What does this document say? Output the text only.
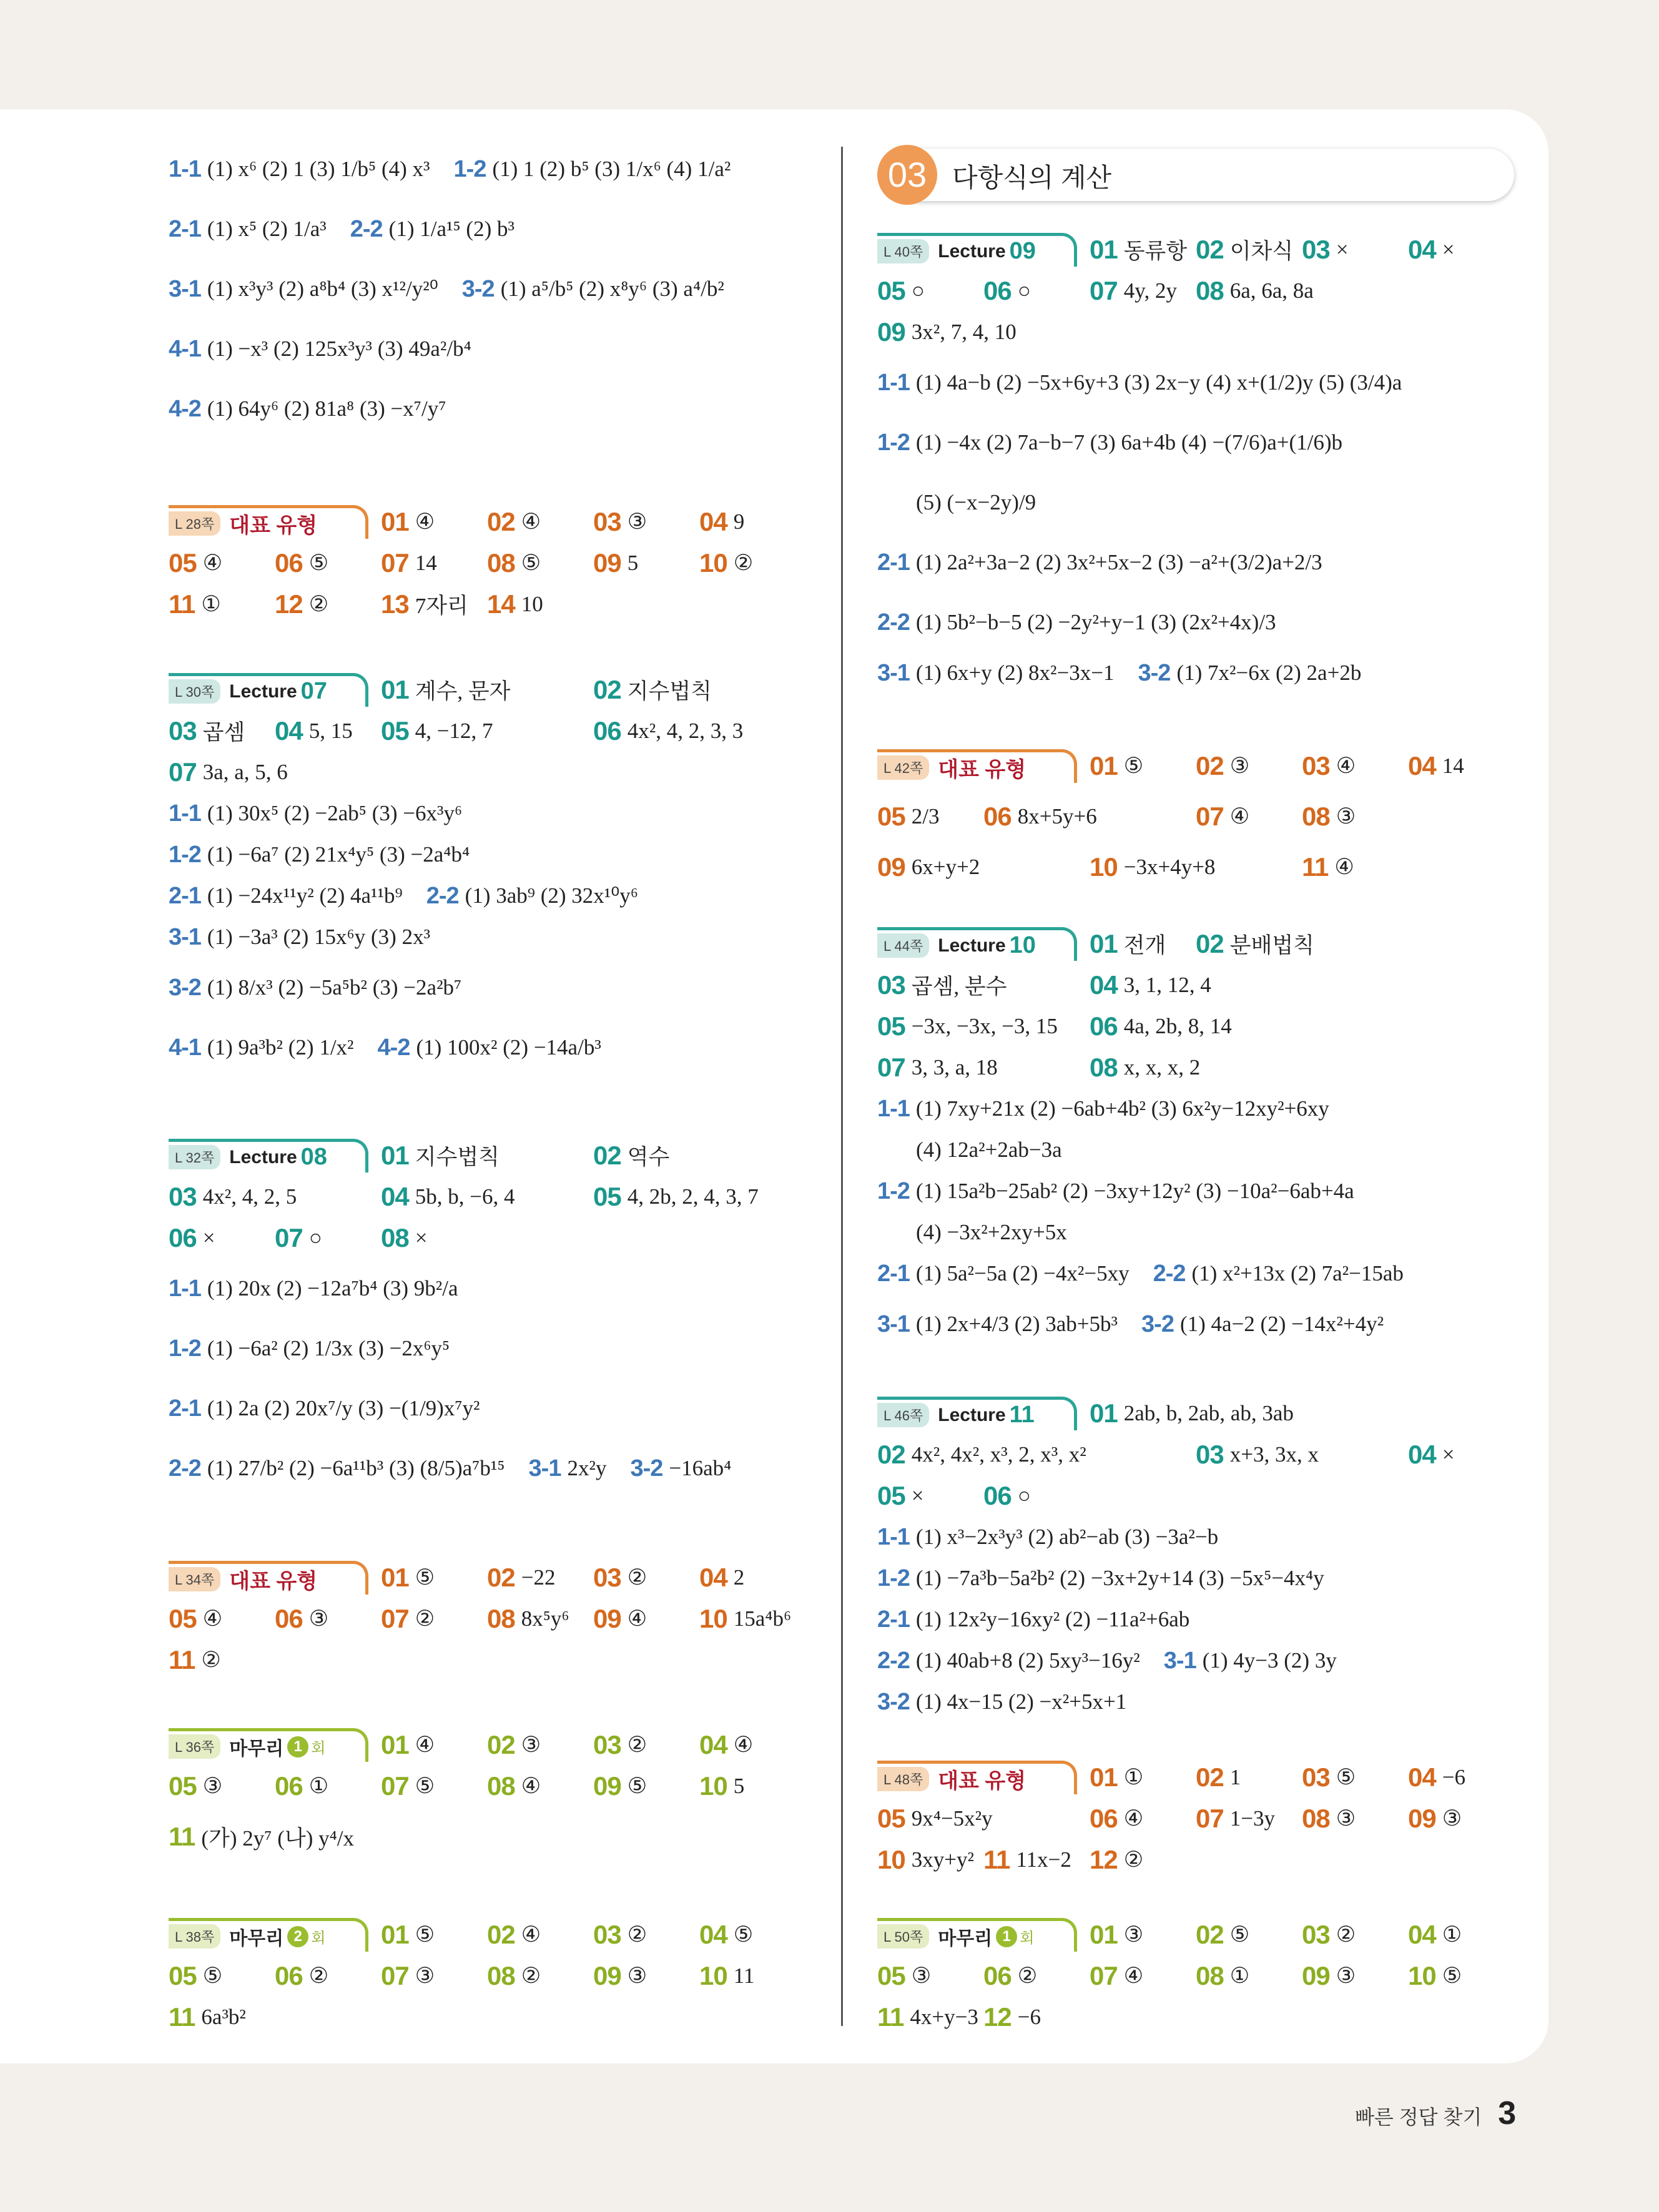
03 다항식의 계산
1-1 (1) x⁶ (2) 1 (3) 1/b⁵ (4) x³ 1-2 (1) 1 (2) b⁵ (3) 1/x⁶ (4) 1/a²
2-1 (1) x⁵ (2) 1/a³ 2-2 (1) 1/a¹⁵ (2) b³
3-1 (1) x³y³ (2) a⁸b⁴ (3) x¹²/y²⁰ 3-2 (1) a⁵/b⁵ (2) x⁸y⁶ (3) a⁴/b²
4-1 (1) −x³ (2) 125x³y³ (3) 49a²/b⁴
4-2 (1) 64y⁶ (2) 81a⁸ (3) −x⁷/y⁷
L 28쪽 대표 유형 01 ④ 02 ④ 03 ③ 04 9
05 ④ 06 ⑤ 07 14 08 ⑤ 09 5 10 ②
11 ① 12 ② 13 7자리 14 10
L 30쪽 Lecture 07 01 계수, 문자	02 지수법칙
03 곱셈 04 5, 15 05 4, −12, 7	06 4x², 4, 2, 3, 3
07 3a, a, 5, 6
1-1 (1) 30x⁵ (2) −2ab⁵ (3) −6x³y⁶
1-2 (1) −6a⁷ (2) 21x⁴y⁵ (3) −2a⁴b⁴
2-1 (1) −24x¹¹y² (2) 4a¹¹b⁹ 2-2 (1) 3ab⁹ (2) 32x¹⁰y⁶
3-1 (1) −3a³ (2) 15x⁶y (3) 2x³
3-2 (1) 8/x³ (2) −5a⁵b² (3) −2a²b⁷
4-1 (1) 9a³b² (2) 1/x² 4-2 (1) 100x² (2) −14a/b³
L 32쪽 Lecture 08 01 지수법칙	02 역수
03 4x², 4, 2, 5	04 5b, b, −6, 4	05 4, 2b, 2, 4, 3, 7
06 × 07 ○ 08 ×
1-1 (1) 20x (2) −12a⁷b⁴ (3) 9b²/a
1-2 (1) −6a² (2) 1/3x (3) −2x⁶y⁵
2-1 (1) 2a (2) 20x⁷/y (3) −(1/9)x⁷y²
2-2 (1) 27/b² (2) −6a¹¹b³ (3) (8/5)a⁷b¹⁵ 3-1 2x²y 3-2 −16ab⁴
L 34쪽 대표 유형 01 ⑤ 02 −22 03 ② 04 2
05 ④ 06 ③ 07 ② 08 8x⁵y⁶ 09 ④ 10 15a⁴b⁶
11 ②
L 36쪽 마무리 1 회 01 ④ 02 ③ 03 ② 04 ④
05 ③ 06 ① 07 ⑤ 08 ④ 09 ⑤ 10 5
11 (가) 2y⁷ (나) y⁴/x
L 38쪽 마무리 2 회 01 ⑤ 02 ④ 03 ② 04 ⑤
05 ⑤ 06 ② 07 ③ 08 ② 09 ③ 10 11
11 6a³b²
L 40쪽 Lecture 09 01 동류항 02 이차식 03 × 04 ×
05 ○ 06 ○ 07 4y, 2y 08 6a, 6a, 8a
09 3x², 7, 4, 10
1-1 (1) 4a−b (2) −5x+6y+3 (3) 2x−y (4) x+(1/2)y (5) (3/4)a
1-2 (1) −4x (2) 7a−b−7 (3) 6a+4b (4) −(7/6)a+(1/6)b
(5) (−x−2y)/9
2-1 (1) 2a²+3a−2 (2) 3x²+5x−2 (3) −a²+(3/2)a+2/3
2-2 (1) 5b²−b−5 (2) −2y²+y−1 (3) (2x²+4x)/3
3-1 (1) 6x+y (2) 8x²−3x−1 3-2 (1) 7x²−6x (2) 2a+2b
L 42쪽 대표 유형 01 ⑤ 02 ③ 03 ④ 04 14
05 2/3 06 8x+5y+6	07 ④ 08 ③
09 6x+y+2	10 −3x+4y+8	11 ④
L 44쪽 Lecture 10 01 전개 02 분배법칙
03 곱셈, 분수	04 3, 1, 12, 4
05 −3x, −3x, −3, 15 06 4a, 2b, 8, 14
07 3, 3, a, 18	08 x, x, x, 2
1-1 (1) 7xy+21x (2) −6ab+4b² (3) 6x²y−12xy²+6xy
(4) 12a²+2ab−3a
1-2 (1) 15a²b−25ab² (2) −3xy+12y² (3) −10a²−6ab+4a
(4) −3x²+2xy+5x
2-1 (1) 5a²−5a (2) −4x²−5xy 2-2 (1) x²+13x (2) 7a²−15ab
3-1 (1) 2x+4/3 (2) 3ab+5b³ 3-2 (1) 4a−2 (2) −14x²+4y²
L 46쪽 Lecture 11 01 2ab, b, 2ab, ab, 3ab
02 4x², 4x², x³, 2, x³, x²	03 x+3, 3x, x	04 ×
05 × 06 ○
1-1 (1) x³−2x³y³ (2) ab²−ab (3) −3a²−b
1-2 (1) −7a³b−5a²b² (2) −3x+2y+14 (3) −5x⁵−4x⁴y
2-1 (1) 12x²y−16xy² (2) −11a²+6ab
2-2 (1) 40ab+8 (2) 5xy³−16y² 3-1 (1) 4y−3 (2) 3y
3-2 (1) 4x−15 (2) −x²+5x+1
L 48쪽 대표 유형 01 ① 02 1 03 ⑤ 04 −6
05 9x⁴−5x²y	06 ④ 07 1−3y 08 ③ 09 ③
10 3xy+y² 11 11x−2 12 ②
L 50쪽 마무리 1 회 01 ③ 02 ⑤ 03 ② 04 ①
05 ③ 06 ② 07 ④ 08 ① 09 ③ 10 ⑤
11 4x+y−3 12 −6
빠른 정답 찾기 3
